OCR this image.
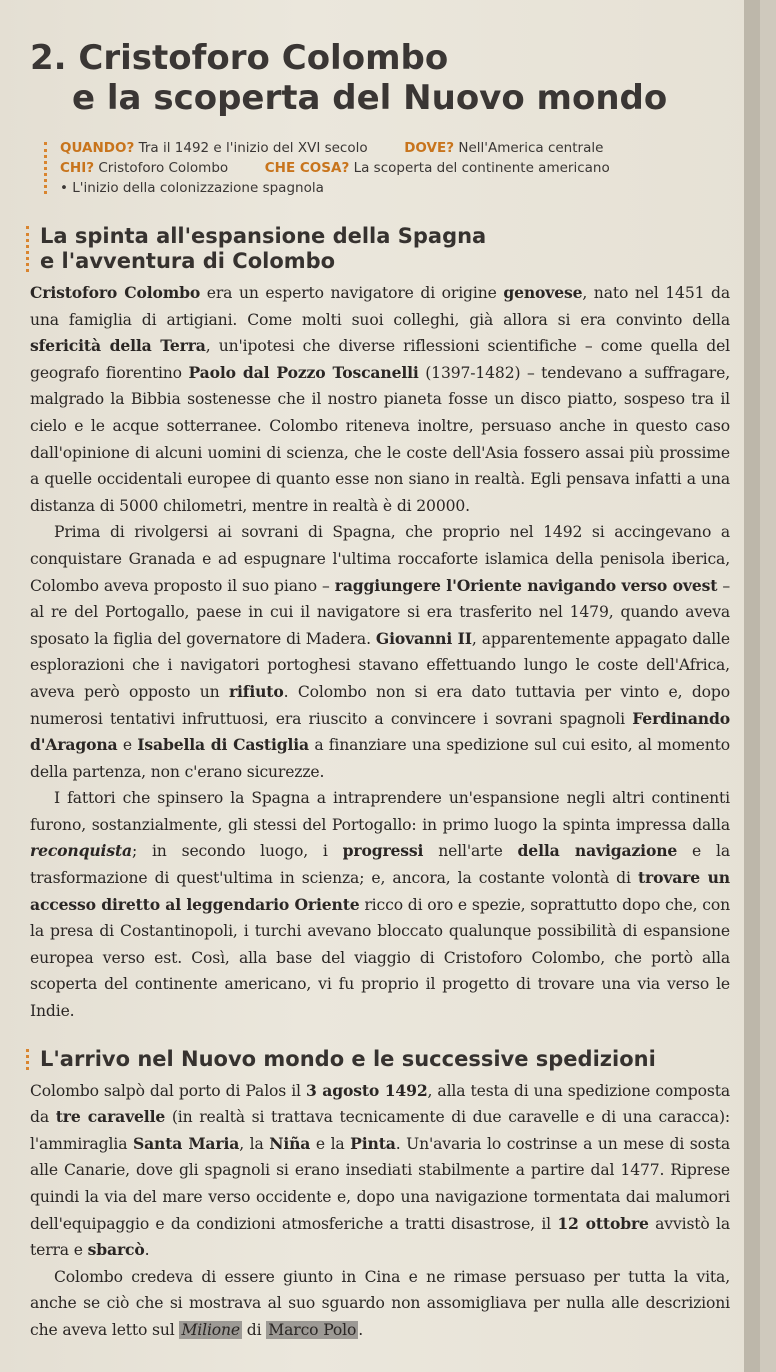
2. Cristoforo Colombo
e la scoperta del Nuovo mondo
QUANDO? Tra il 1492 e l'inizio del XVI secolo	DOVE? Nell'America centrale
CHI? Cristoforo Colombo	CHE COSA? La scoperta del continente americano
• L'inizio della colonizzazione spagnola
La spinta all'espansione della Spagna
e l'avventura di Colombo

Cristoforo Colombo era un esperto navigatore di origine genovese, nato nel 1451 da una famiglia di artigiani. Come molti suoi colleghi, già allora si era convinto della sfericità della Terra, un'ipotesi che diverse riflessioni scientifiche – come quella del geografo fiorentino Paolo dal Pozzo Toscanelli (1397-1482) – tendevano a suffragare, malgrado la Bibbia sostenesse che il nostro pianeta fosse un disco piatto, sospeso tra il cielo e le acque sotterranee. Colombo riteneva inoltre, persuaso anche in questo caso dall'opinione di alcuni uomini di scienza, che le coste dell'Asia fossero assai più prossime a quelle occidentali europee di quanto esse non siano in realtà. Egli pensava infatti a una distanza di 5000 chilometri, mentre in realtà è di 20000.

Prima di rivolgersi ai sovrani di Spagna, che proprio nel 1492 si accingevano a conquistare Granada e ad espugnare l'ultima roccaforte islamica della penisola iberica, Colombo aveva proposto il suo piano – raggiungere l'Oriente navigando verso ovest – al re del Portogallo, paese in cui il navigatore si era trasferito nel 1479, quando aveva sposato la figlia del governatore di Madera. Giovanni II, apparentemente appagato dalle esplorazioni che i navigatori portoghesi stavano effettuando lungo le coste dell'Africa, aveva però opposto un rifiuto. Colombo non si era dato tuttavia per vinto e, dopo numerosi tentativi infruttuosi, era riuscito a convincere i sovrani spagnoli Ferdinando d'Aragona e Isabella di Castiglia a finanziare una spedizione sul cui esito, al momento della partenza, non c'erano sicurezze.

I fattori che spinsero la Spagna a intraprendere un'espansione negli altri continenti furono, sostanzialmente, gli stessi del Portogallo: in primo luogo la spinta impressa dalla reconquista; in secondo luogo, i progressi nell'arte della navigazione e la trasformazione di quest'ultima in scienza; e, ancora, la costante volontà di trovare un accesso diretto al leggendario Oriente ricco di oro e spezie, soprattutto dopo che, con la presa di Costantinopoli, i turchi avevano bloccato qualunque possibilità di espansione europea verso est. Così, alla base del viaggio di Cristoforo Colombo, che portò alla scoperta del continente americano, vi fu proprio il progetto di trovare una via verso le Indie.

L'arrivo nel Nuovo mondo e le successive spedizioni

Colombo salpò dal porto di Palos il 3 agosto 1492, alla testa di una spedizione composta da tre caravelle (in realtà si trattava tecnicamente di due caravelle e di una caracca): l'ammiraglia Santa Maria, la Niña e la Pinta. Un'avaria lo costrinse a un mese di sosta alle Canarie, dove gli spagnoli si erano insediati stabilmente a partire dal 1477. Riprese quindi la via del mare verso occidente e, dopo una navigazione tormentata dai malumori dell'equipaggio e da condizioni atmosferiche a tratti disastrose, il 12 ottobre avvistò la terra e sbarcò.

Colombo credeva di essere giunto in Cina e ne rimase persuaso per tutta la vita, anche se ciò che si mostrava al suo sguardo non assomigliava per nulla alle descrizioni che aveva letto sul Milione di Marco Polo .
